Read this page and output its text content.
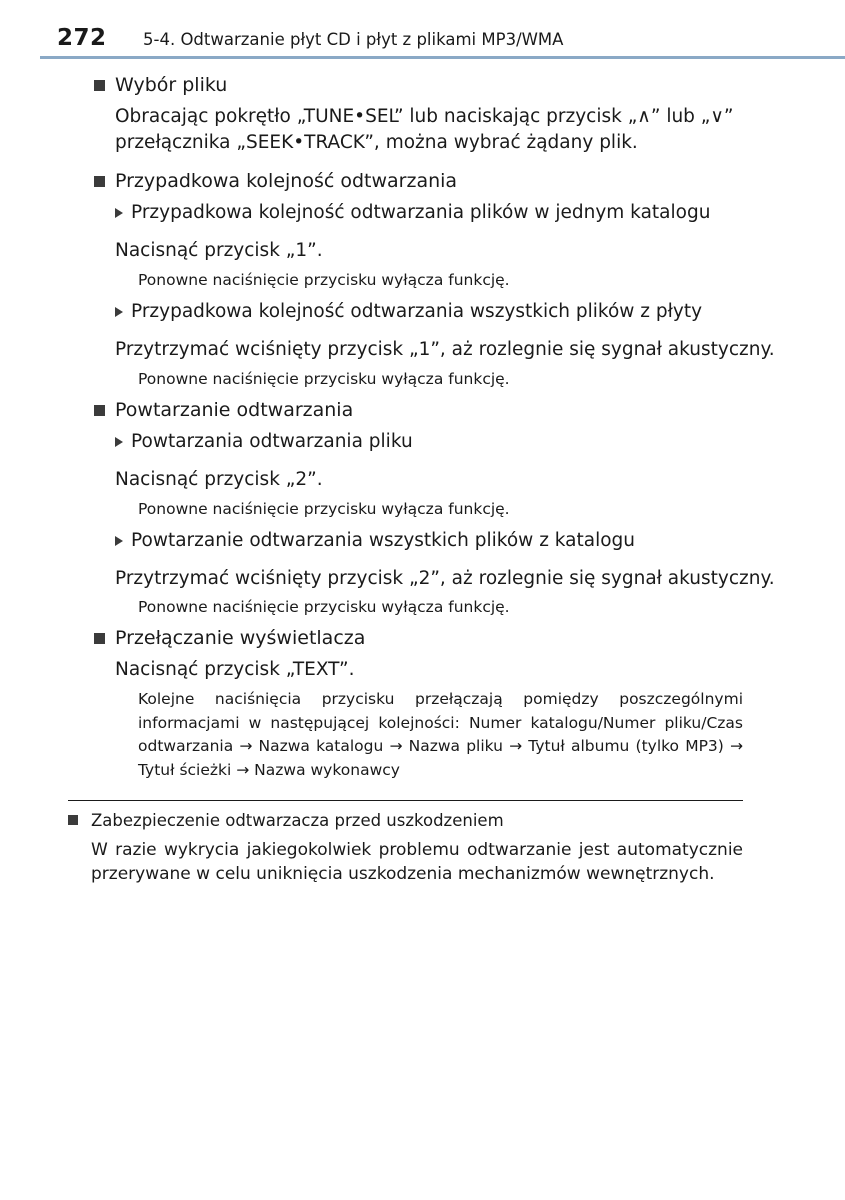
272 5-4. Odtwarzanie płyt CD i płyt z plikami MP3/WMA
Wybór pliku
Obracając pokrętło „TUNE•SEL” lub naciskając przycisk „∧” lub „∨”
przełącznika „SEEK•TRACK”, można wybrać żądany plik.
Przypadkowa kolejność odtwarzania
Przypadkowa kolejność odtwarzania plików w jednym katalogu
Nacisnąć przycisk „1”.
Ponowne naciśnięcie przycisku wyłącza funkcję.
Przypadkowa kolejność odtwarzania wszystkich plików z płyty
Przytrzymać wciśnięty przycisk „1”, aż rozlegnie się sygnał akustyczny.
Ponowne naciśnięcie przycisku wyłącza funkcję.
Powtarzanie odtwarzania
Powtarzania odtwarzania pliku
Nacisnąć przycisk „2”.
Ponowne naciśnięcie przycisku wyłącza funkcję.
Powtarzanie odtwarzania wszystkich plików z katalogu
Przytrzymać wciśnięty przycisk „2”, aż rozlegnie się sygnał akustyczny.
Ponowne naciśnięcie przycisku wyłącza funkcję.
Przełączanie wyświetlacza
Nacisnąć przycisk „TEXT”.
Kolejne naciśnięcia przycisku przełączają pomiędzy poszczególnymi informacjami w następującej kolejności: Numer katalogu/Numer pliku/Czas odtwarzania → Nazwa katalogu → Nazwa pliku → Tytuł albumu (tylko MP3) → Tytuł ścieżki → Nazwa wykonawcy
Zabezpieczenie odtwarzacza przed uszkodzeniem
W razie wykrycia jakiegokolwiek problemu odtwarzanie jest automatycznie przerywane w celu uniknięcia uszkodzenia mechanizmów wewnętrznych.
